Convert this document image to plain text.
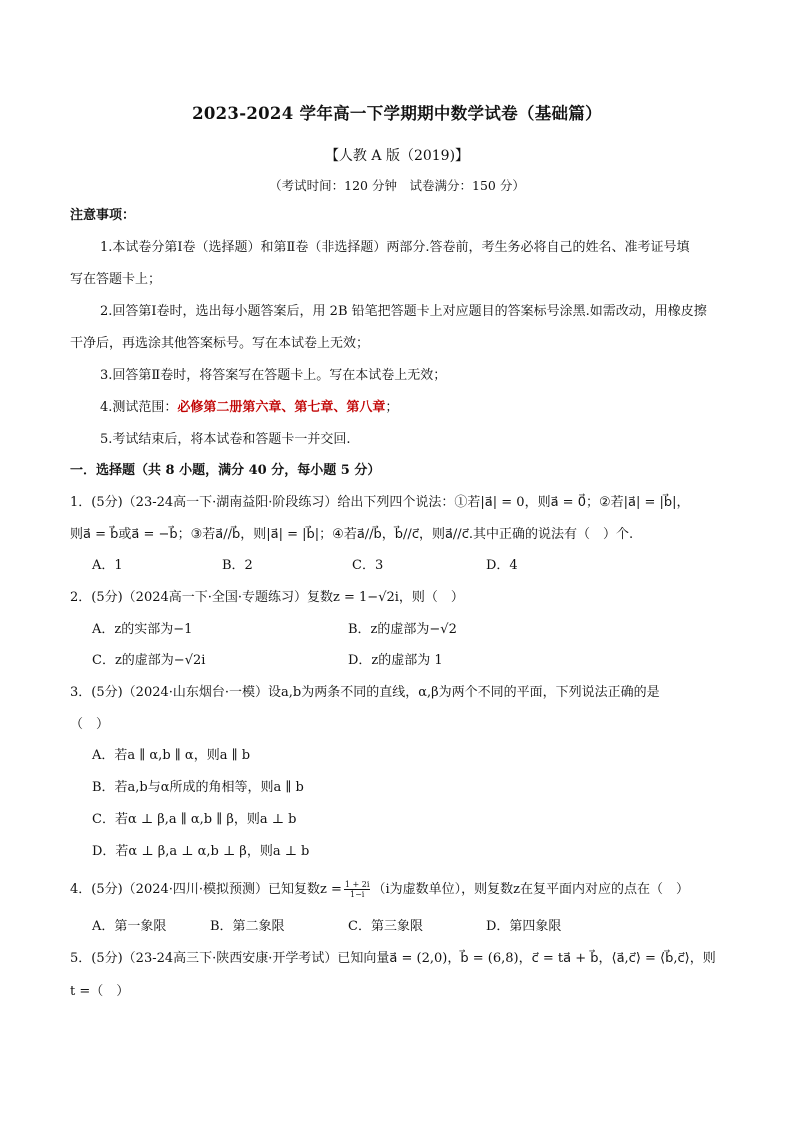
2023-2024 学年高一下学期期中数学试卷（基础篇）
【人教 A 版（2019)】
（考试时间：120 分钟　试卷满分：150 分）
注意事项：
1.本试卷分第Ⅰ卷（选择题）和第Ⅱ卷（非选择题）两部分.答卷前，考生务必将自己的姓名、准考证号填
写在答题卡上；
2.回答第Ⅰ卷时，选出每小题答案后，用 2B 铅笔把答题卡上对应题目的答案标号涂黑.如需改动，用橡皮擦
干净后，再选涂其他答案标号。写在本试卷上无效；
3.回答第Ⅱ卷时，将答案写在答题卡上。写在本试卷上无效；
4.测试范围：必修第二册第六章、第七章、第八章；
5.考试结束后，将本试卷和答题卡一并交回.
一．选择题（共 8 小题，满分 40 分，每小题 5 分）
1．(5分)（23-24高一下·湖南益阳·阶段练习）给出下列四个说法：①若|a⃗| = 0，则a⃗ = 0⃗；②若|a⃗| = |b⃗|，
则a⃗ = b⃗或a⃗ = −b⃗；③若a⃗//b⃗，则|a⃗| = |b⃗|；④若a⃗//b⃗，b⃗//c⃗，则a⃗//c⃗.其中正确的说法有（　）个.
A．1	B．2	C．3	D．4
2．(5分)（2024高一下·全国·专题练习）复数z = 1−√2i，则（　）
A．z的实部为−1	B．z的虚部为−√2
C．z的虚部为−√2i	D．z的虚部为 1
3．(5分)（2024·山东烟台·一模）设a,b为两条不同的直线，α,β为两个不同的平面，下列说法正确的是
（　）
A．若a ∥ α,b ∥ α，则a ∥ b
B．若a,b与α所成的角相等，则a ∥ b
C．若α ⊥ β,a ∥ α,b ∥ β，则a ⊥ b
D．若α ⊥ β,a ⊥ α,b ⊥ β，则a ⊥ b
4．(5分)（2024·四川·模拟预测）已知复数$z = \frac{1 + 2i}{1-i} (i$为虚数单位），则复数z在复平面内对应的点在（　）
A．第一象限	B．第二象限	C．第三象限	D．第四象限
5．(5分)（23-24高三下·陕西安康·开学考试）已知向量a⃗ = (2,0)，b⃗ = (6,8)，c⃗ = ta⃗ + b⃗，⟨a⃗,c⃗⟩ = ⟨b⃗,c⃗⟩，则
t =（　）
